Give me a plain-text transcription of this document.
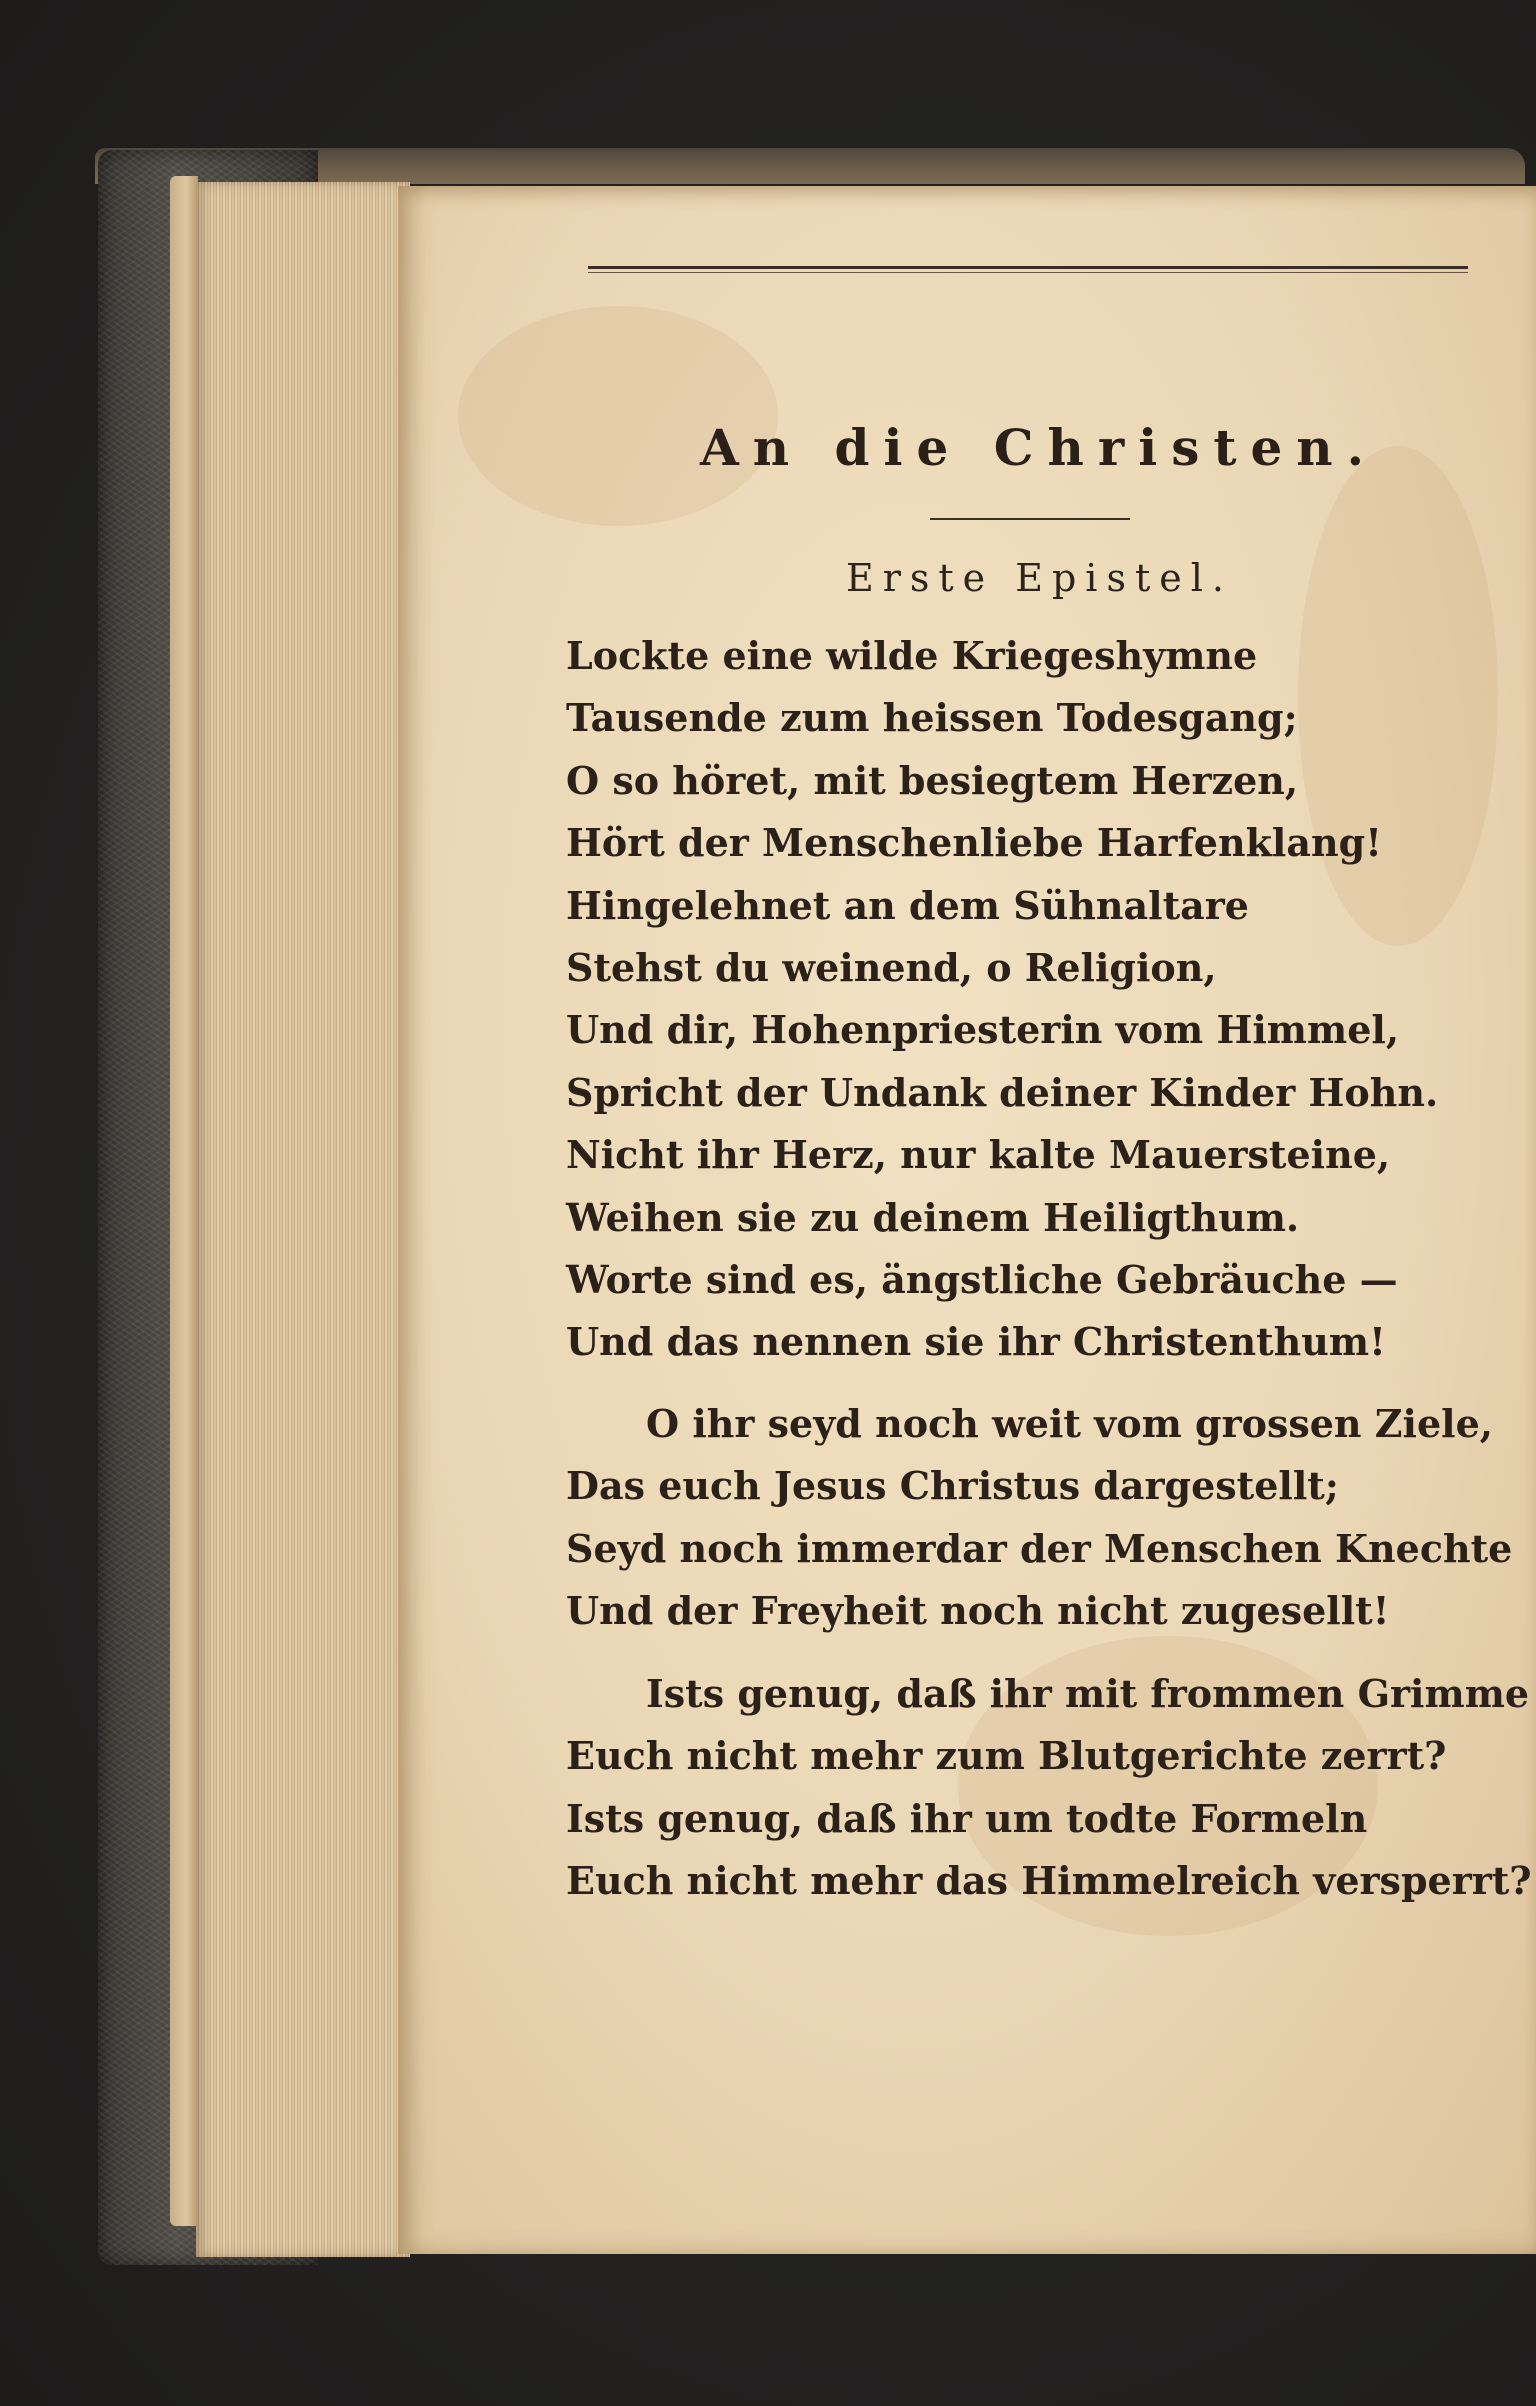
An die Christen.
Erste Epistel.
Lockte eine wilde Kriegeshymne
Tausende zum heissen Todesgang;
O so höret, mit besiegtem Herzen,
Hört der Menschenliebe Harfenklang!
Hingelehnet an dem Sühnaltare
Stehst du weinend, o Religion,
Und dir, Hohenpriesterin vom Himmel,
Spricht der Undank deiner Kinder Hohn.
Nicht ihr Herz, nur kalte Mauersteine,
Weihen sie zu deinem Heiligthum.
Worte sind es, ängstliche Gebräuche —
Und das nennen sie ihr Christenthum!
O ihr seyd noch weit vom grossen Ziele,
Das euch Jesus Christus dargestellt;
Seyd noch immerdar der Menschen Knechte
Und der Freyheit noch nicht zugesellt!
Ists genug, daß ihr mit frommen Grimme
Euch nicht mehr zum Blutgerichte zerrt?
Ists genug, daß ihr um todte Formeln
Euch nicht mehr das Himmelreich versperrt?
